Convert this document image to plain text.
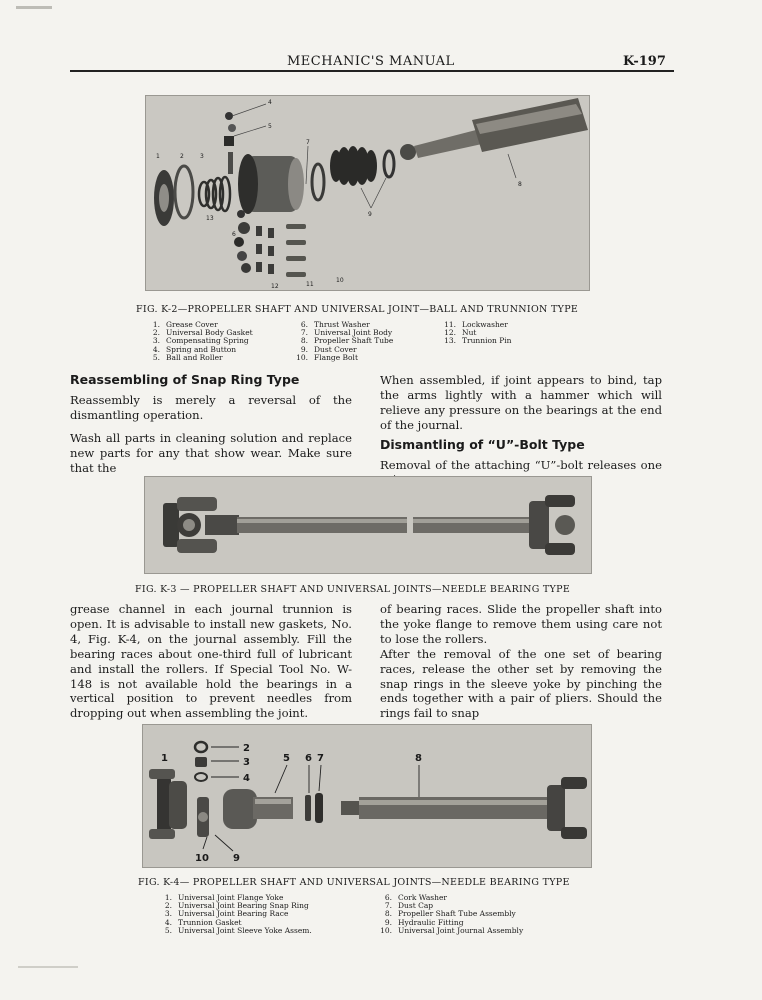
MECHANIC'S MANUAL	K-197
1	2	3
13
4
5
7
9
8
6
10
11
12
FIG. K-2—PROPELLER SHAFT AND UNIVERSAL JOINT—BALL AND TRUNNION TYPE
1. Grease Cover
2. Universal Body Gasket
3. Compensating Spring
4. Spring and Button
5. Ball and Roller
6. Thrust Washer
7. Universal Joint Body
8. Propeller Shaft Tube
9. Dust Cover
10. Flange Bolt
11. Lockwasher
12. Nut
13. Trunnion Pin
Reassembling of Snap Ring Type

Reassembly is merely a reversal of the dismantling operation.

Wash all parts in cleaning solution and replace new parts for any that show wear. Make sure that the

When assembled, if joint appears to bind, tap the arms lightly with a hammer which will relieve any pressure on the bearings at the end of the journal.

Dismantling of “U”-Bolt Type

Removal of the attaching “U”-bolt releases one

FIG. K-3 — PROPELLER SHAFT AND UNIVERSAL JOINTS—NEEDLE BEARING TYPE

grease channel in each journal trunnion is open. It is advisable to install new gaskets, No. 4, Fig. K-4, on the journal assembly. Fill the bearing races about one-third full of lubricant and install the rollers. If Special Tool No. W-148 is not available hold the bearings in a vertical position to prevent needles from dropping out when assembling the joint.

of bearing races. Slide the propeller shaft into the yoke flange to remove them using care not to lose the rollers.

After the removal of the one set of bearing races, release the other set by removing the snap rings in the sleeve yoke by pinching the ends together with a pair of pliers. Should the rings fail to snap

1
2
3
4
5 6 7	8
10 9
FIG. K-4— PROPELLER SHAFT AND UNIVERSAL JOINTS—NEEDLE BEARING TYPE
1. Universal Joint Flange Yoke
2. Universal Joint Bearing Snap Ring
3. Universal Joint Bearing Race
4. Trunnion Gasket
5. Universal Joint Sleeve Yoke Assem.
6. Cork Washer
7. Dust Cap
8. Propeller Shaft Tube Assembly
9. Hydraulic Fitting
10. Universal Joint Journal Assembly
